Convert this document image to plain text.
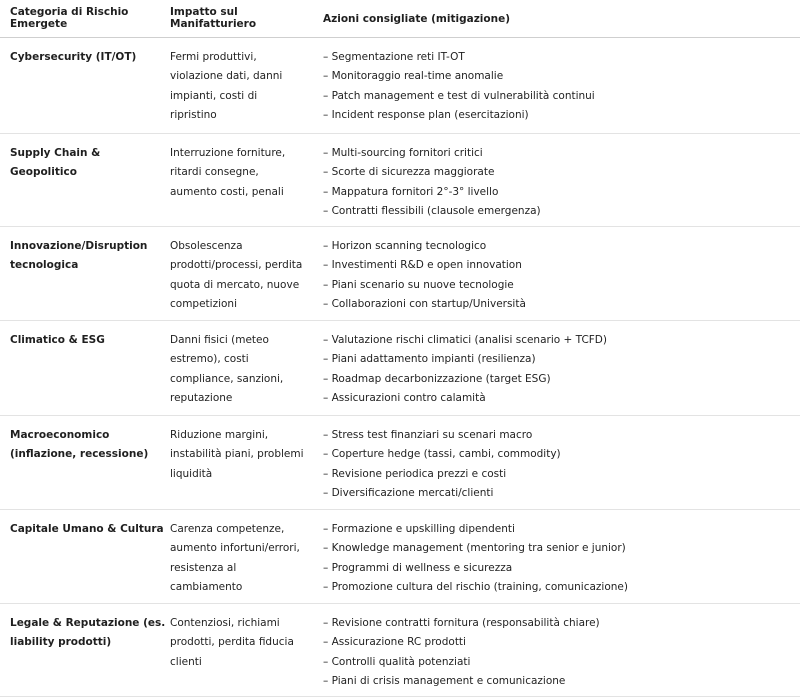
Categoria di Rischio
Emergete	Impatto sul
Manifatturiero	Azioni consigliate (mitigazione)

Cybersecurity (IT/OT)	Fermi produttivi,
violazione dati, danni
impianti, costi di
ripristino	– Segmentazione reti IT-OT
– Monitoraggio real-time anomalie
– Patch management e test di vulnerabilità continui
– Incident response plan (esercitazioni)

Supply Chain &
Geopolitico	Interruzione forniture,
ritardi consegne,
aumento costi, penali	– Multi-sourcing fornitori critici
– Scorte di sicurezza maggiorate
– Mappatura fornitori 2°-3° livello
– Contratti flessibili (clausole emergenza)

Innovazione/Disruption
tecnologica	Obsolescenza
prodotti/processi, perdita
quota di mercato, nuove
competizioni	– Horizon scanning tecnologico
– Investimenti R&D e open innovation
– Piani scenario su nuove tecnologie
– Collaborazioni con startup/Università

Climatico & ESG	Danni fisici (meteo
estremo), costi
compliance, sanzioni,
reputazione	– Valutazione rischi climatici (analisi scenario + TCFD)
– Piani adattamento impianti (resilienza)
– Roadmap decarbonizzazione (target ESG)
– Assicurazioni contro calamità

Macroeconomico
(inflazione, recessione)	Riduzione margini,
instabilità piani, problemi
liquidità	– Stress test finanziari su scenari macro
– Coperture hedge (tassi, cambi, commodity)
– Revisione periodica prezzi e costi
– Diversificazione mercati/clienti

Capitale Umano & Cultura	Carenza competenze,
aumento infortuni/errori,
resistenza al
cambiamento	– Formazione e upskilling dipendenti
– Knowledge management (mentoring tra senior e junior)
– Programmi di wellness e sicurezza
– Promozione cultura del rischio (training, comunicazione)

Legale & Reputazione (es.
liability prodotti)	Contenziosi, richiami
prodotti, perdita fiducia
clienti	– Revisione contratti fornitura (responsabilità chiare)
– Assicurazione RC prodotti
– Controlli qualità potenziati
– Piani di crisis management e comunicazione
